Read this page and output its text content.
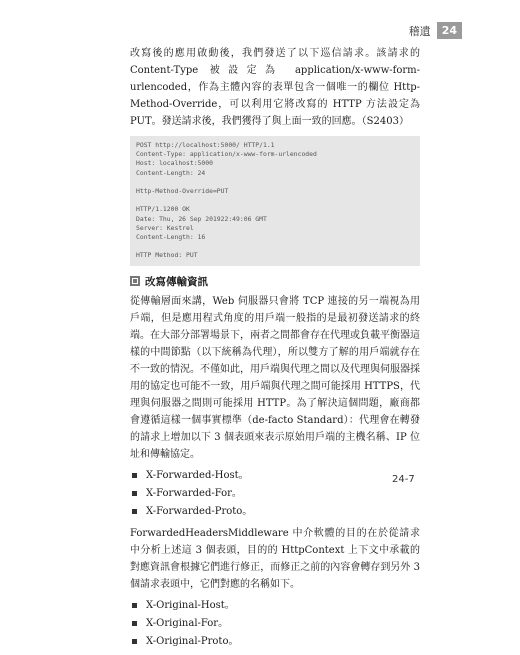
稽遺	24

改寫後的應用啟動後，我們發送了以下巡信請求。該請求的 Content-Type 被設定為 application/x-www-form-urlencoded，作為主體內容的表單包含一個唯一的欄位 Http-Method-Override，可以利用它將改寫的 HTTP 方法設定為 PUT。發送請求後，我們獲得了與上面一致的回應。（S2403）

POST http://localhost:5000/ HTTP/1.1
Content-Type: application/x-www-form-urlencoded
Host: localhost:5000
Content-Length: 24
Http-Method-Override=PUT
HTTP/1.1200 OK
Date: Thu, 26 Sep 201922:49:06 GMT
Server: Kestrel
Content-Length: 16
HTTP Method: PUT
改寫傳輸資訊

從傳輸層面來講，Web 伺服器只會將 TCP 連接的另一端視為用戶端，但是應用程式角度的用戶端一般指的是最初發送請求的終端。在大部分部署場景下，兩者之間都會存在代理或負載平衡器這樣的中間節點（以下統稱為代理），所以雙方了解的用戶端就存在不一致的情況。不僅如此，用戶端與代理之間以及代理與伺服器採用的協定也可能不一致，用戶端與代理之間可能採用 HTTPS，代理與伺服器之間則可能採用 HTTP。為了解決這個問題，廠商都會遵循這樣一個事實標準（de-facto Standard）：代理會在轉發的請求上增加以下 3 個表頭來表示原始用戶端的主機名稱、IP 位址和傳輸協定。

X-Forwarded-Host。
X-Forwarded-For。
X-Forwarded-Proto。

ForwardedHeadersMiddleware 中介軟體的目的在於從請求中分析上述這 3 個表頭，目的的 HttpContext 上下文中承載的對應資訊會根據它們進行修正，而修正之前的內容會轉存到另外 3 個請求表頭中，它們對應的名稱如下。

X-Original-Host。
X-Original-For。
X-Original-Proto。
24-7
